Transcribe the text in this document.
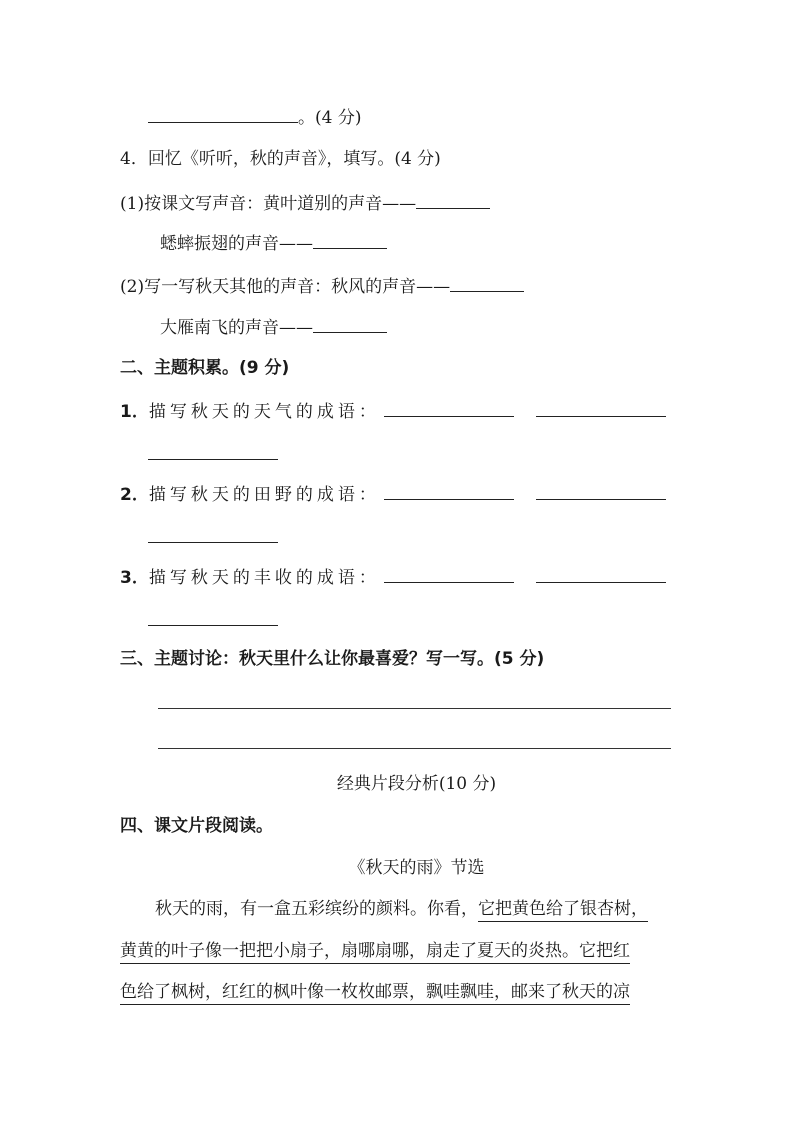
。(4 分)
4．回忆《听听，秋的声音》，填写。(4 分)
(1)按课文写声音：黄叶道别的声音——
蟋蟀振翅的声音——
(2)写一写秋天其他的声音：秋风的声音——
大雁南飞的声音——
二、主题积累。(9 分)
1．描写秋天的天气的成语：
2．描写秋天的田野的成语：
3．描写秋天的丰收的成语：
三、主题讨论：秋天里什么让你最喜爱？写一写。(5 分)
经典片段分析(10 分)
四、课文片段阅读。
《秋天的雨》节选
秋天的雨，有一盒五彩缤纷的颜料。你看，它把黄色给了银杏树，
黄黄的叶子像一把把小扇子，扇哪扇哪，扇走了夏天的炎热。它把红
色给了枫树，红红的枫叶像一枚枚邮票，飘哇飘哇，邮来了秋天的凉
